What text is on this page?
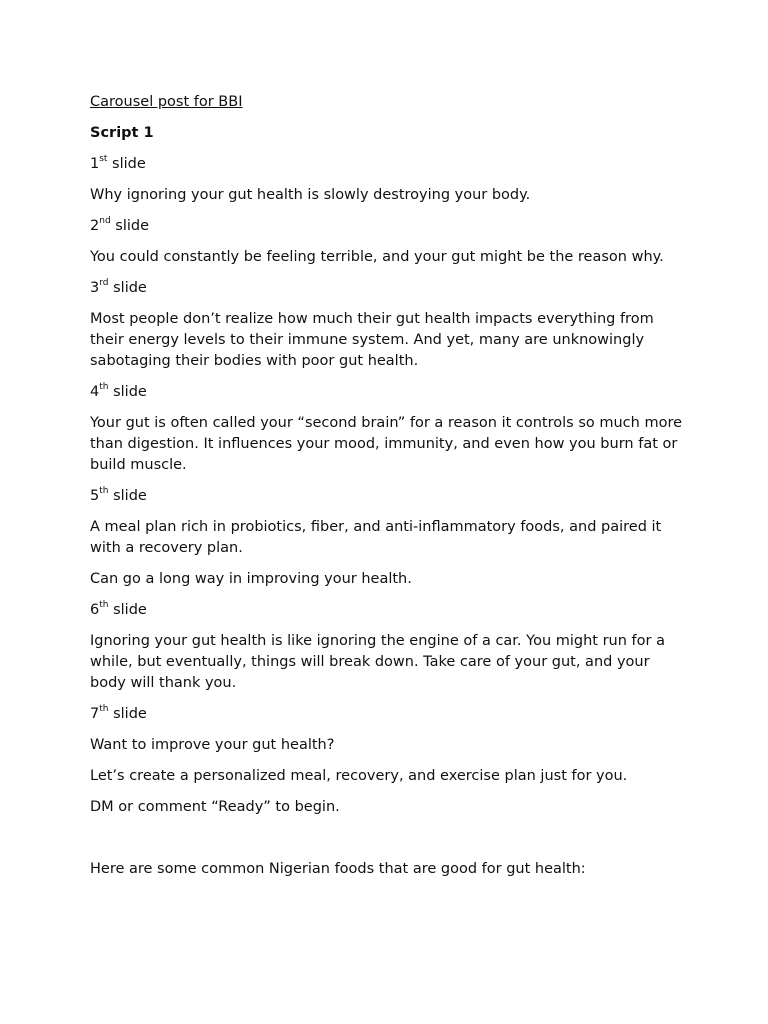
Carousel post for BBI

Script 1

1st slide

Why ignoring your gut health is slowly destroying your body.

2nd slide

You could constantly be feeling terrible, and your gut might be the reason why.

3rd slide

Most people don’t realize how much their gut health impacts everything from their energy levels to their immune system. And yet, many are unknowingly sabotaging their bodies with poor gut health.

4th slide

Your gut is often called your “second brain” for a reason it controls so much more than digestion. It influences your mood, immunity, and even how you burn fat or build muscle.

5th slide

A meal plan rich in probiotics, fiber, and anti-inflammatory foods, and paired it with a recovery plan.

Can go a long way in improving your health.

6th slide

Ignoring your gut health is like ignoring the engine of a car. You might run for a while, but eventually, things will break down. Take care of your gut, and your body will thank you.

7th slide

Want to improve your gut health?

Let’s create a personalized meal, recovery, and exercise plan just for you.

DM or comment “Ready” to begin.

Here are some common Nigerian foods that are good for gut health:
